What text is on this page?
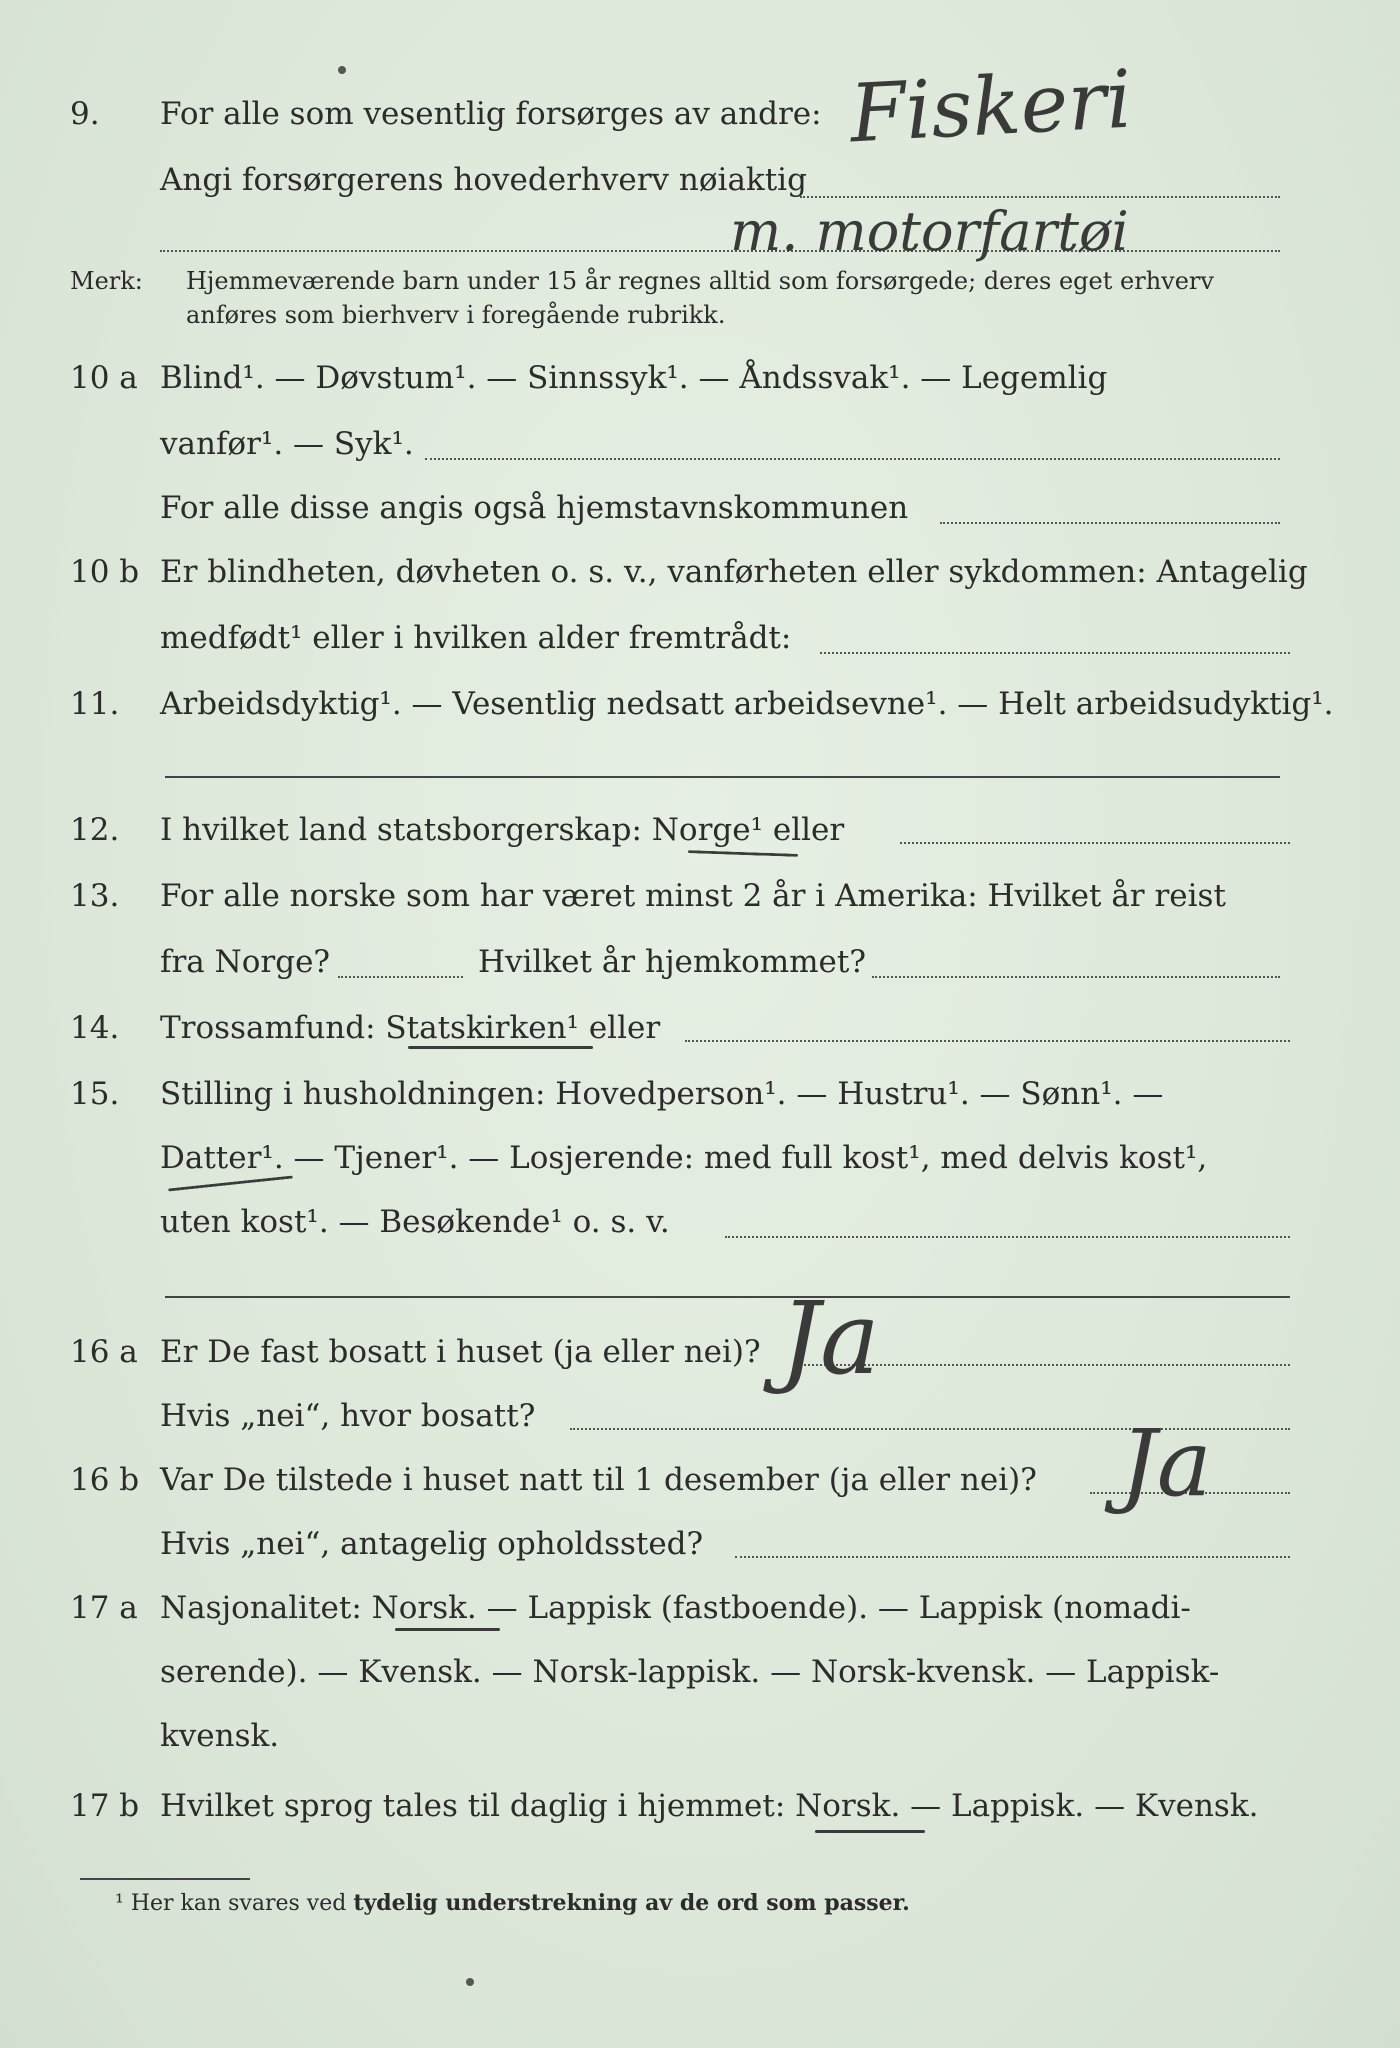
9. For alle som vesentlig forsørges av andre:
Angi forsørgerens hovederhverv nøiaktig
Fiskeri
m. motorfartøi
Merk: Hjemmeværende barn under 15 år regnes alltid som forsørgede; deres eget erhverv
anføres som bierhverv i foregående rubrikk.
10 a Blind¹. — Døvstum¹. — Sinnssyk¹. — Åndssvak¹. — Legemlig
vanfør¹. — Syk¹.
For alle disse angis også hjemstavnskommunen
10 b Er blindheten, døvheten o. s. v., vanførheten eller sykdommen: Antagelig
medfødt¹ eller i hvilken alder fremtrådt:
11. Arbeidsdyktig¹. — Vesentlig nedsatt arbeidsevne¹. — Helt arbeidsudyktig¹.
12. I hvilket land statsborgerskap: Norge¹ eller
13. For alle norske som har været minst 2 år i Amerika: Hvilket år reist
fra Norge?	Hvilket år hjemkommet?
14. Trossamfund: Statskirken¹ eller
15. Stilling i husholdningen: Hovedperson¹. — Hustru¹. — Sønn¹. —
Datter¹. — Tjener¹. — Losjerende: med full kost¹, med delvis kost¹,
uten kost¹. — Besøkende¹ o. s. v.
16 a Er De fast bosatt i huset (ja eller nei)? Ja
Hvis „nei“, hvor bosatt?
16 b Var De tilstede i huset natt til 1 desember (ja eller nei)? Ja
Hvis „nei“, antagelig opholdssted?
17 a Nasjonalitet: Norsk. — Lappisk (fastboende). — Lappisk (nomadi-
serende). — Kvensk. — Norsk-lappisk. — Norsk-kvensk. — Lappisk-
kvensk.
17 b Hvilket sprog tales til daglig i hjemmet: Norsk. — Lappisk. — Kvensk.
¹ Her kan svares ved tydelig understrekning av de ord som passer.
